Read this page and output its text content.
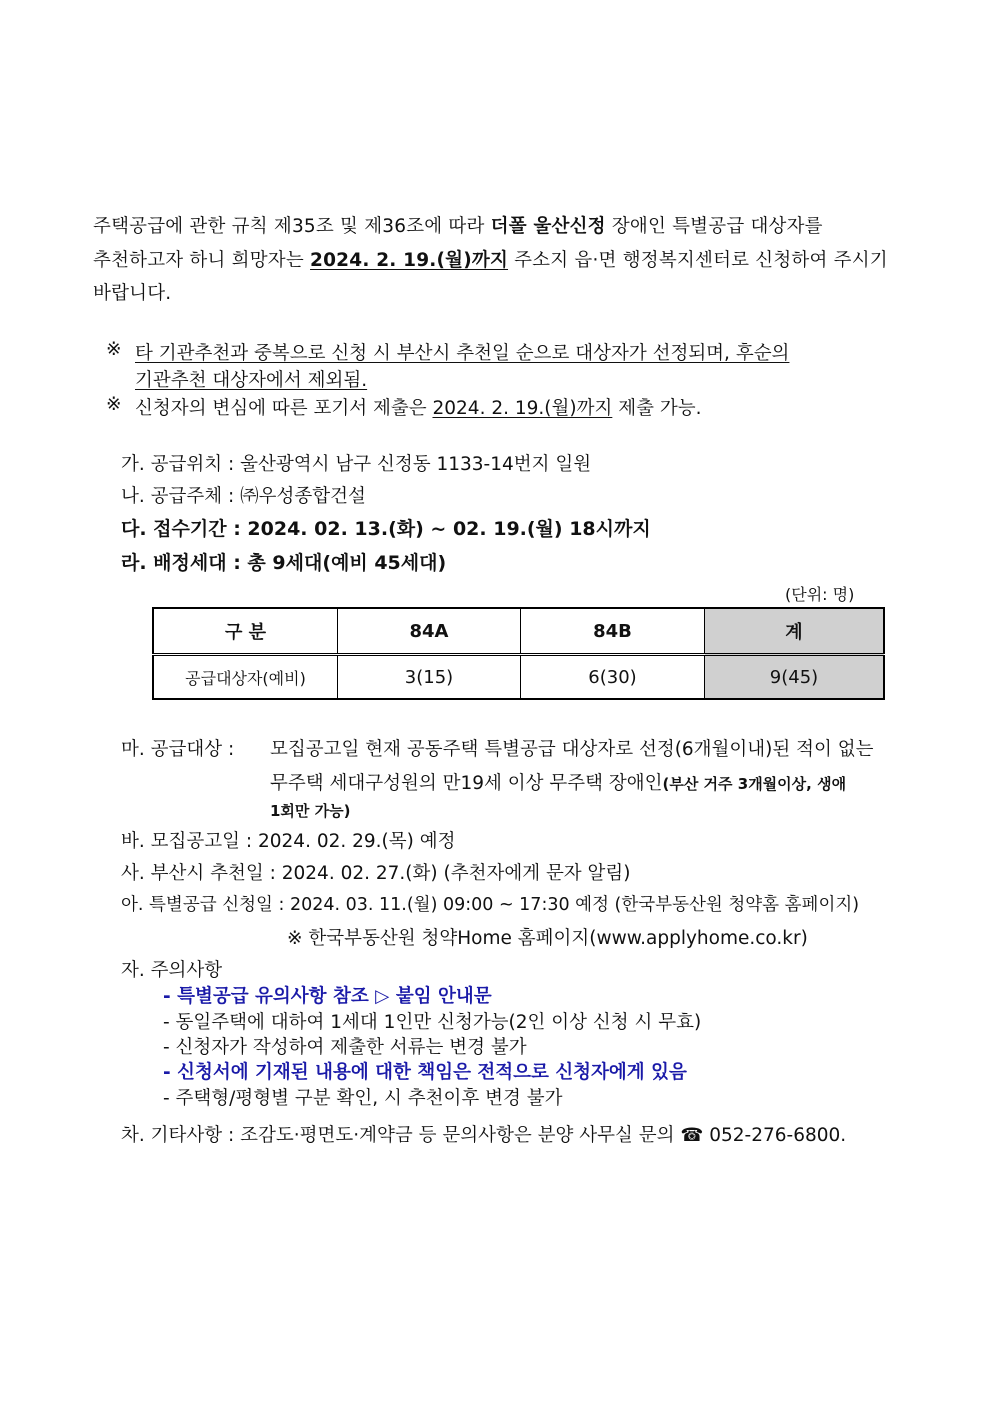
주택공급에 관한 규칙 제35조 및 제36조에 따라 더폴 울산신정 장애인 특별공급 대상자를
추천하고자 하니 희망자는 2024. 2. 19.(월)까지 주소지 읍·면 행정복지센터로 신청하여 주시기
바랍니다.
※ 타 기관추천과 중복으로 신청 시 부산시 추천일 순으로 대상자가 선정되며, 후순의
기관추천 대상자에서 제외됨.
※ 신청자의 변심에 따른 포기서 제출은 2024. 2. 19.(월)까지 제출 가능.
가. 공급위치 : 울산광역시 남구 신정동 1133-14번지 일원
나. 공급주체 : ㈜우성종합건설
다. 접수기간 : 2024. 02. 13.(화) ~ 02. 19.(월) 18시까지
라. 배정세대 : 총 9세대(예비 45세대)
(단위: 명)
구 분	84A	84B	계
공급대상자(예비)	3(15)	6(30)	9(45)
마. 공급대상 : 모집공고일 현재 공동주택 특별공급 대상자로 선정(6개월이내)된 적이 없는
무주택 세대구성원의 만19세 이상 무주택 장애인(부산 거주 3개월이상, 생애
1회만 가능)
바. 모집공고일 : 2024. 02. 29.(목) 예정
사. 부산시 추천일 : 2024. 02. 27.(화) (추천자에게 문자 알림)
아. 특별공급 신청일 : 2024. 03. 11.(월) 09:00 ~ 17:30 예정 (한국부동산원 청약홈 홈페이지)
※ 한국부동산원 청약Home 홈페이지(www.applyhome.co.kr)
자. 주의사항
- 특별공급 유의사항 참조 ▷ 붙임 안내문
- 동일주택에 대하여 1세대 1인만 신청가능(2인 이상 신청 시 무효)
- 신청자가 작성하여 제출한 서류는 변경 불가
- 신청서에 기재된 내용에 대한 책임은 전적으로 신청자에게 있음
- 주택형/평형별 구분 확인, 시 추천이후 변경 불가
차. 기타사항 : 조감도·평면도·계약금 등 문의사항은 분양 사무실 문의 ☎ 052-276-6800.
